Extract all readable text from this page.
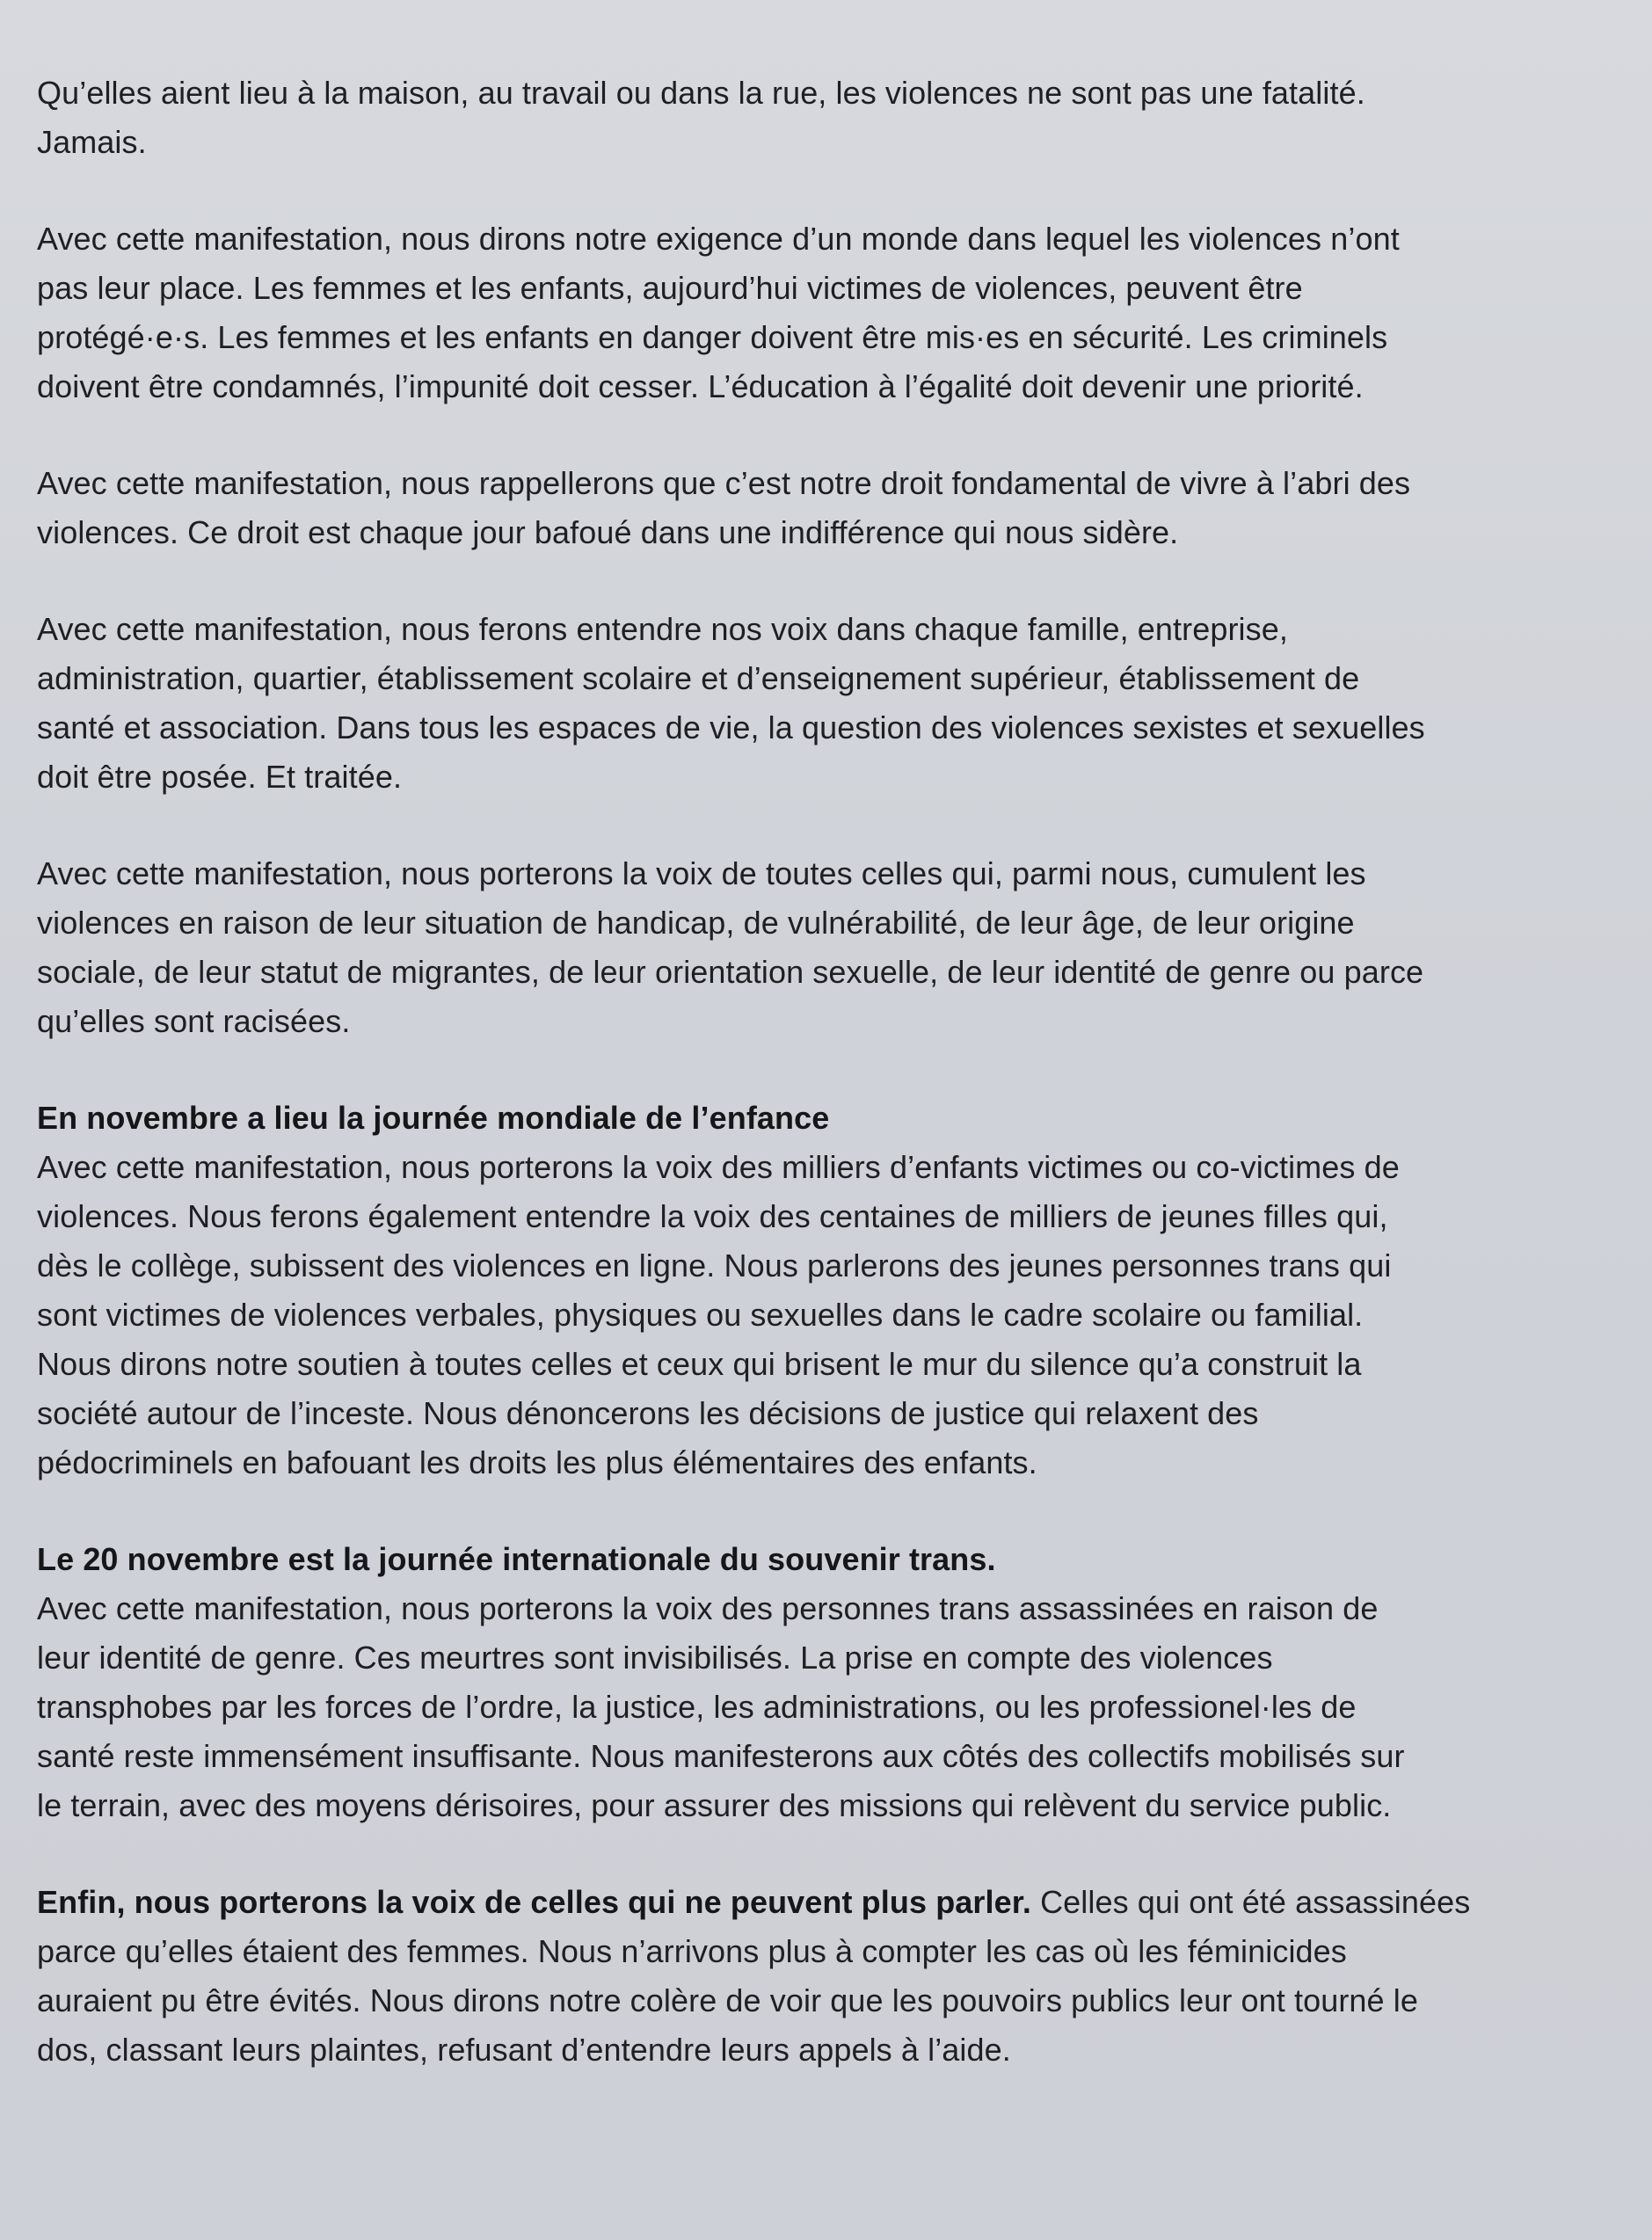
Qu’elles aient lieu à la maison, au travail ou dans la rue, les violences ne sont pas une fatalité.
Jamais.

Avec cette manifestation, nous dirons notre exigence d’un monde dans lequel les violences n’ont
pas leur place. Les femmes et les enfants, aujourd’hui victimes de violences, peuvent être
protégé·e·s. Les femmes et les enfants en danger doivent être mis·es en sécurité. Les criminels
doivent être condamnés, l’impunité doit cesser. L’éducation à l’égalité doit devenir une priorité.

Avec cette manifestation, nous rappellerons que c’est notre droit fondamental de vivre à l’abri des
violences. Ce droit est chaque jour bafoué dans une indifférence qui nous sidère.

Avec cette manifestation, nous ferons entendre nos voix dans chaque famille, entreprise,
administration, quartier, établissement scolaire et d’enseignement supérieur, établissement de
santé et association. Dans tous les espaces de vie, la question des violences sexistes et sexuelles
doit être posée. Et traitée.

Avec cette manifestation, nous porterons la voix de toutes celles qui, parmi nous, cumulent les
violences en raison de leur situation de handicap, de vulnérabilité, de leur âge, de leur origine
sociale, de leur statut de migrantes, de leur orientation sexuelle, de leur identité de genre ou parce
qu’elles sont racisées.

En novembre a lieu la journée mondiale de l’enfance
Avec cette manifestation, nous porterons la voix des milliers d’enfants victimes ou co-victimes de
violences. Nous ferons également entendre la voix des centaines de milliers de jeunes filles qui,
dès le collège, subissent des violences en ligne. Nous parlerons des jeunes personnes trans qui
sont victimes de violences verbales, physiques ou sexuelles dans le cadre scolaire ou familial.
Nous dirons notre soutien à toutes celles et ceux qui brisent le mur du silence qu’a construit la
société autour de l’inceste. Nous dénoncerons les décisions de justice qui relaxent des
pédocriminels en bafouant les droits les plus élémentaires des enfants.

Le 20 novembre est la journée internationale du souvenir trans.
Avec cette manifestation, nous porterons la voix des personnes trans assassinées en raison de
leur identité de genre. Ces meurtres sont invisibilisés. La prise en compte des violences
transphobes par les forces de l’ordre, la justice, les administrations, ou les professionel·les de
santé reste immensément insuffisante. Nous manifesterons aux côtés des collectifs mobilisés sur
le terrain, avec des moyens dérisoires, pour assurer des missions qui relèvent du service public.

Enfin, nous porterons la voix de celles qui ne peuvent plus parler. Celles qui ont été assassinées
parce qu’elles étaient des femmes. Nous n’arrivons plus à compter les cas où les féminicides
auraient pu être évités. Nous dirons notre colère de voir que les pouvoirs publics leur ont tourné le
dos, classant leurs plaintes, refusant d’entendre leurs appels à l’aide.
